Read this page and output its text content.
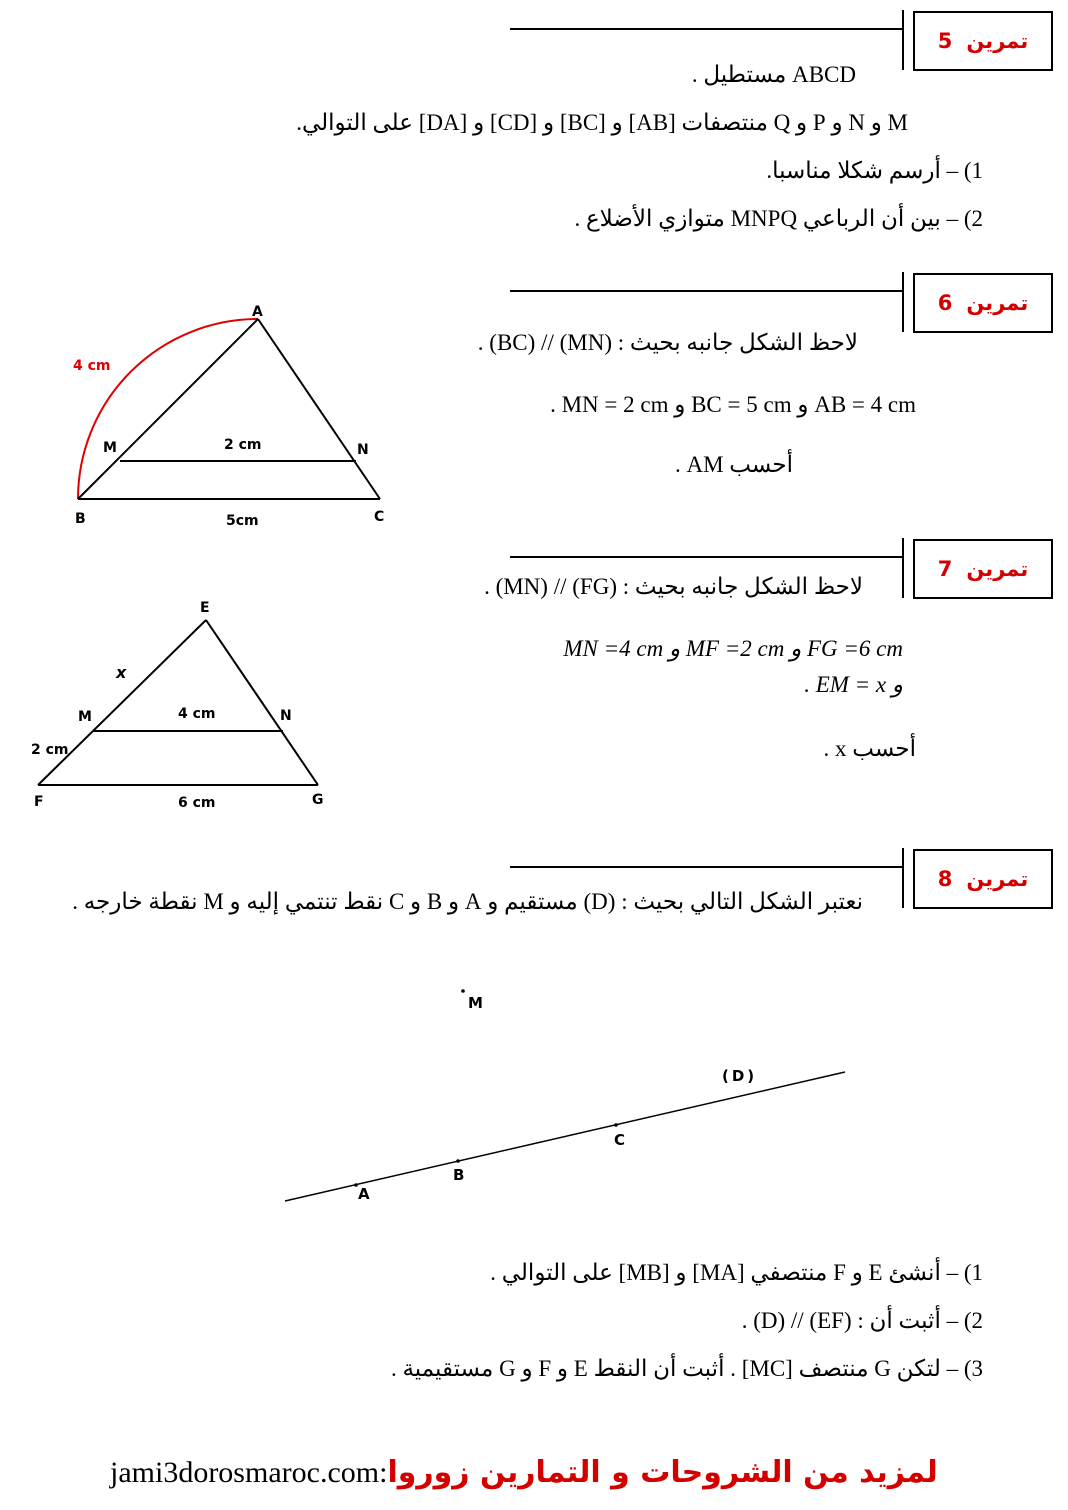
تمرين
5
ABCD مستطيل .
M و N و P و Q منتصفات [AB] و [BC] و [CD] و [DA] على التوالي.
1) – أرسم شكلا مناسبا.
2) – بين أن الرباعي MNPQ متوازي الأضلاع .
تمرين
6
لاحظ الشكل جانبه بحيث : (MN) // (BC) .
AB = 4 cm و BC = 5 cm و MN = 2 cm .
أحسب AM .
A
B	C
M	N
4 cm
2 cm
5cm
تمرين
7
لاحظ الشكل جانبه بحيث : (FG) // (MN) .
FG =6 cm و MF =2 cm و MN =4 cm
و EM = x .
أحسب x .
E
M	N
F	G
x
2 cm
4 cm
6 cm
تمرين
8
نعتبر الشكل التالي بحيث : (D) مستقيم و A و B و C نقط تنتمي إليه و M نقطة خارجه .
M
(D)
A
B
C
1) – أنشئ E و F منتصفي [MA] و [MB] على التوالي .
2) – أثبت أن : (EF) // (D) .
3) – لتكن G منتصف [MC] . أثبت أن النقط E و F و G مستقيمية .
jami3dorosmaroc.com:لمزيد من الشروحات و التمارين زوروا
